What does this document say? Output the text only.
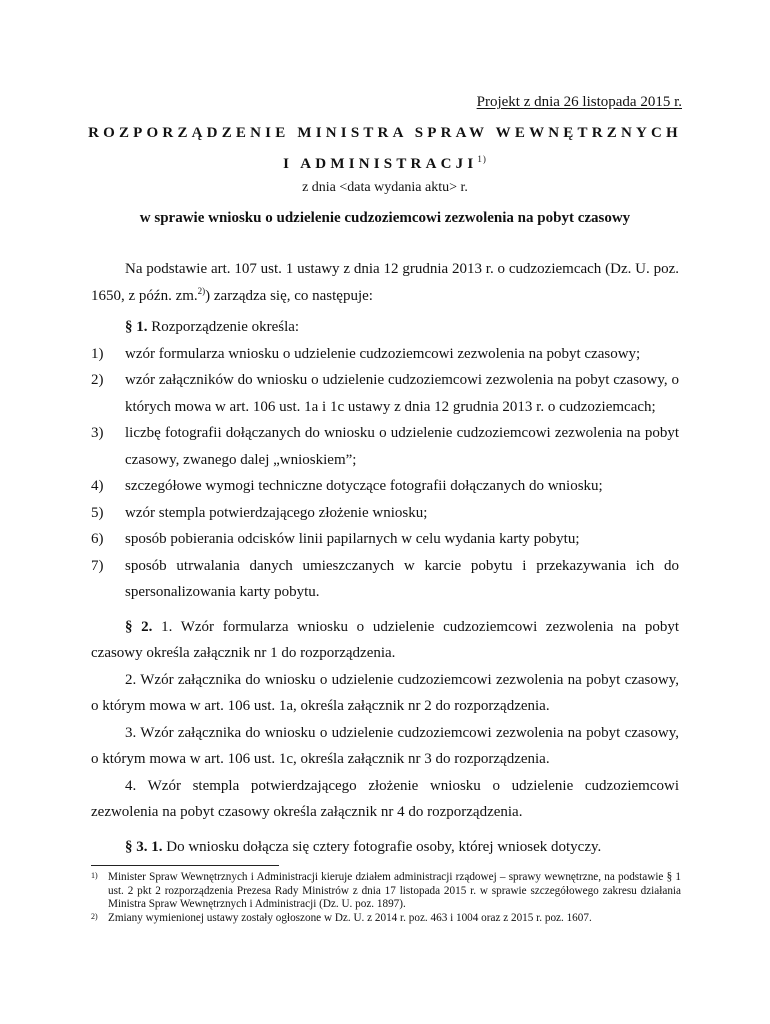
Projekt z dnia 26 listopada 2015 r.
ROZPORZĄDZENIE MINISTRA SPRAW WEWNĘTRZNYCH
I ADMINISTRACJI$^{1)}$
z dnia <data wydania aktu> r.
w sprawie wniosku o udzielenie cudzoziemcowi zezwolenia na pobyt czasowy

Na podstawie art. 107 ust. 1 ustawy z dnia 12 grudnia 2013 r. o cudzoziemcach (Dz. U. poz. 1650, z późn. zm.$^{2)}$) zarządza się, co następuje:

§ 1. Rozporządzenie określa:

1) wzór formularza wniosku o udzielenie cudzoziemcowi zezwolenia na pobyt czasowy;
2) wzór załączników do wniosku o udzielenie cudzoziemcowi zezwolenia na pobyt czasowy, o których mowa w art. 106 ust. 1a i 1c ustawy z dnia 12 grudnia 2013 r. o cudzoziemcach;
3) liczbę fotografii dołączanych do wniosku o udzielenie cudzoziemcowi zezwolenia na pobyt czasowy, zwanego dalej „wnioskiem”;
4) szczegółowe wymogi techniczne dotyczące fotografii dołączanych do wniosku;
5) wzór stempla potwierdzającego złożenie wniosku;
6) sposób pobierania odcisków linii papilarnych w celu wydania karty pobytu;
7) sposób utrwalania danych umieszczanych w karcie pobytu i przekazywania ich do spersonalizowania karty pobytu.

§ 2. 1. Wzór formularza wniosku o udzielenie cudzoziemcowi zezwolenia na pobyt czasowy określa załącznik nr 1 do rozporządzenia.

2. Wzór załącznika do wniosku o udzielenie cudzoziemcowi zezwolenia na pobyt czasowy, o którym mowa w art. 106 ust. 1a, określa załącznik nr 2 do rozporządzenia.

3. Wzór załącznika do wniosku o udzielenie cudzoziemcowi zezwolenia na pobyt czasowy, o którym mowa w art. 106 ust. 1c, określa załącznik nr 3 do rozporządzenia.

4. Wzór stempla potwierdzającego złożenie wniosku o udzielenie cudzoziemcowi zezwolenia na pobyt czasowy określa załącznik nr 4 do rozporządzenia.

§ 3. 1. Do wniosku dołącza się cztery fotografie osoby, której wniosek dotyczy.

1) Minister Spraw Wewnętrznych i Administracji kieruje działem administracji rządowej – sprawy wewnętrzne, na podstawie § 1 ust. 2 pkt 2 rozporządzenia Prezesa Rady Ministrów z dnia 17 listopada 2015 r. w sprawie szczegółowego zakresu działania Ministra Spraw Wewnętrznych i Administracji (Dz. U. poz. 1897).
2) Zmiany wymienionej ustawy zostały ogłoszone w Dz. U. z 2014 r. poz. 463 i 1004 oraz z 2015 r. poz. 1607.
